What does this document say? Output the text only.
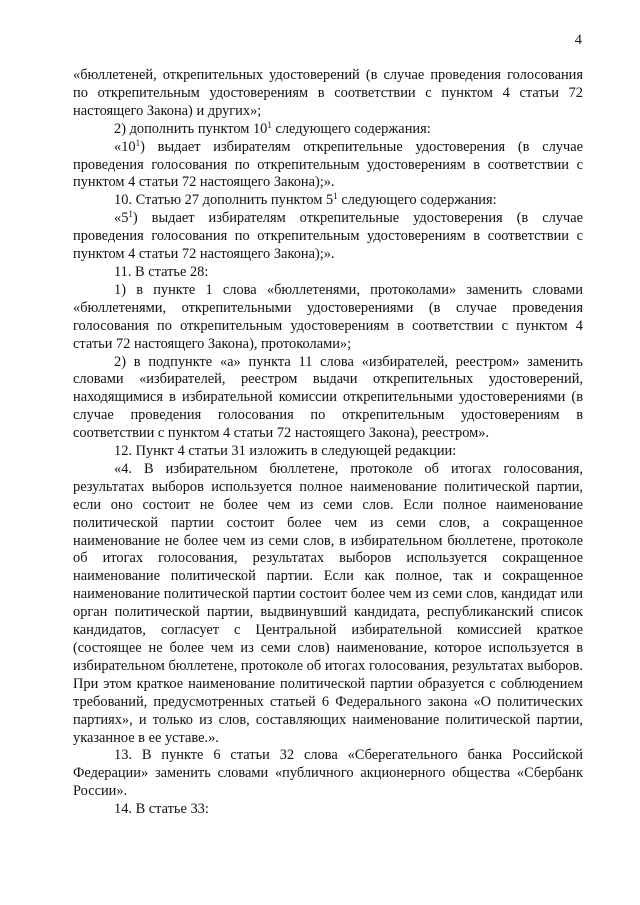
4

«бюллетеней, открепительных удостоверений (в случае проведения голосования по открепительным удостоверениям в соответствии с пунктом 4 статьи 72 настоящего Закона) и других»;

2) дополнить пунктом $10^1$ следующего содержания:

«$10^1$) выдает избирателям открепительные удостоверения (в случае проведения голосования по открепительным удостоверениям в соответствии с пунктом 4 статьи 72 настоящего Закона);».

10. Статью 27 дополнить пунктом $5^1$ следующего содержания:

«$5^1$) выдает избирателям открепительные удостоверения (в случае проведения голосования по открепительным удостоверениям в соответствии с пунктом 4 статьи 72 настоящего Закона);».

11. В статье 28:

1) в пункте 1 слова «бюллетенями, протоколами» заменить словами «бюллетенями, открепительными удостоверениями (в случае проведения голосования по открепительным удостоверениям в соответствии с пунктом 4 статьи 72 настоящего Закона), протоколами»;

2) в подпункте «а» пункта 11 слова «избирателей, реестром» заменить словами «избирателей, реестром выдачи открепительных удостоверений, находящимися в избирательной комиссии открепительными удостоверениями (в случае проведения голосования по открепительным удостоверениям в соответствии с пунктом 4 статьи 72 настоящего Закона), реестром».

12. Пункт 4 статьи 31 изложить в следующей редакции:

«4. В избирательном бюллетене, протоколе об итогах голосования, результатах выборов используется полное наименование политической партии, если оно состоит не более чем из семи слов. Если полное наименование политической партии состоит более чем из семи слов, а сокращенное наименование не более чем из семи слов, в избирательном бюллетене, протоколе об итогах голосования, результатах выборов используется сокращенное наименование политической партии. Если как полное, так и сокращенное наименование политической партии состоит более чем из семи слов, кандидат или орган политической партии, выдвинувший кандидата, республиканский список кандидатов, согласует с Центральной избирательной комиссией краткое (состоящее не более чем из семи слов) наименование, которое используется в избирательном бюллетене, протоколе об итогах голосования, результатах выборов. При этом краткое наименование политической партии образуется с соблюдением требований, предусмотренных статьей 6 Федерального закона «О политических партиях», и только из слов, составляющих наименование политической партии, указанное в ее уставе.».

13. В пункте 6 статьи 32 слова «Сберегательного банка Российской Федерации» заменить словами «публичного акционерного общества «Сбербанк России».

14. В статье 33:
